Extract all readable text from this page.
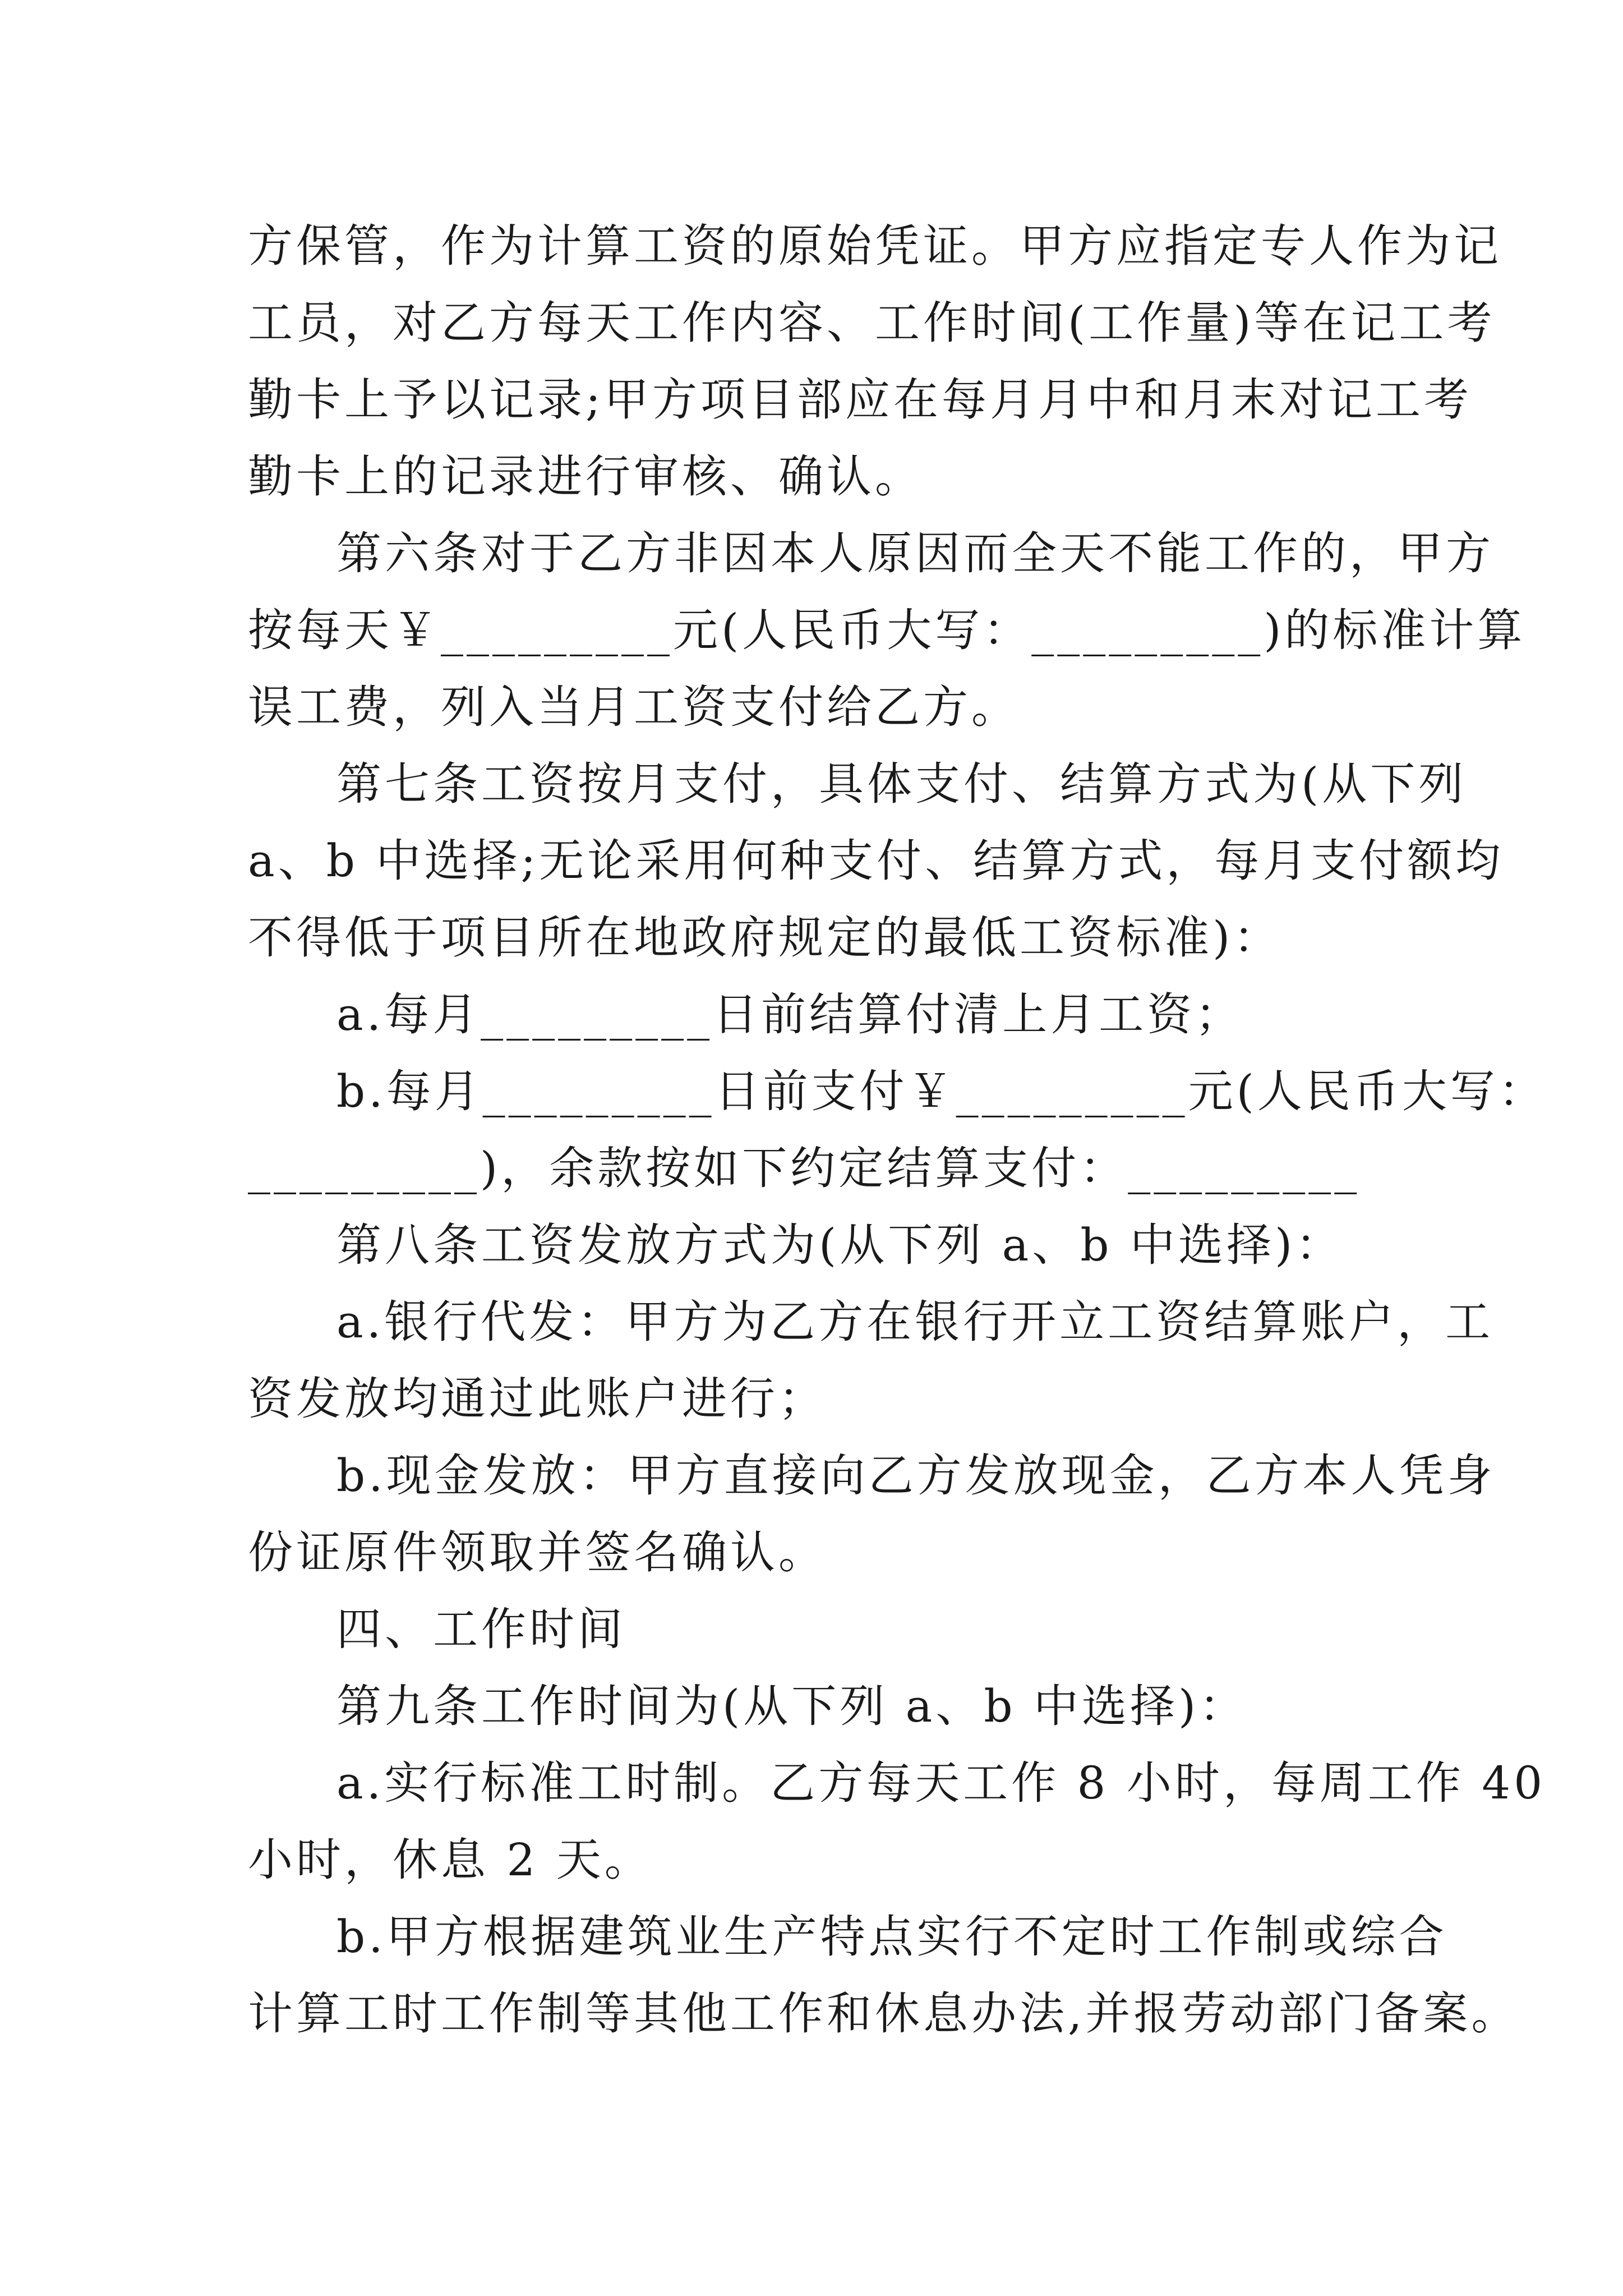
方保管，作为计算工资的原始凭证。甲方应指定专人作为记
工员，对乙方每天工作内容、工作时间(工作量)等在记工考
勤卡上予以记录;甲方项目部应在每月月中和月末对记工考
勤卡上的记录进行审核、确认。
第六条对于乙方非因本人原因而全天不能工作的，甲方
按每天￥_________元(人民币大写：_________)的标准计算
误工费，列入当月工资支付给乙方。
第七条工资按月支付，具体支付、结算方式为(从下列
a、b 中选择;无论采用何种支付、结算方式，每月支付额均
不得低于项目所在地政府规定的最低工资标准)：
a.每月_________日前结算付清上月工资；
b.每月_________日前支付￥_________元(人民币大写：
_________)，余款按如下约定结算支付：_________
第八条工资发放方式为(从下列 a、b 中选择)：
a.银行代发：甲方为乙方在银行开立工资结算账户，工
资发放均通过此账户进行；
b.现金发放：甲方直接向乙方发放现金，乙方本人凭身
份证原件领取并签名确认。
四、工作时间
第九条工作时间为(从下列 a、b 中选择)：
a.实行标准工时制。乙方每天工作 8 小时，每周工作 40
小时，休息 2 天。
b.甲方根据建筑业生产特点实行不定时工作制或综合
计算工时工作制等其他工作和休息办法,并报劳动部门备案。
